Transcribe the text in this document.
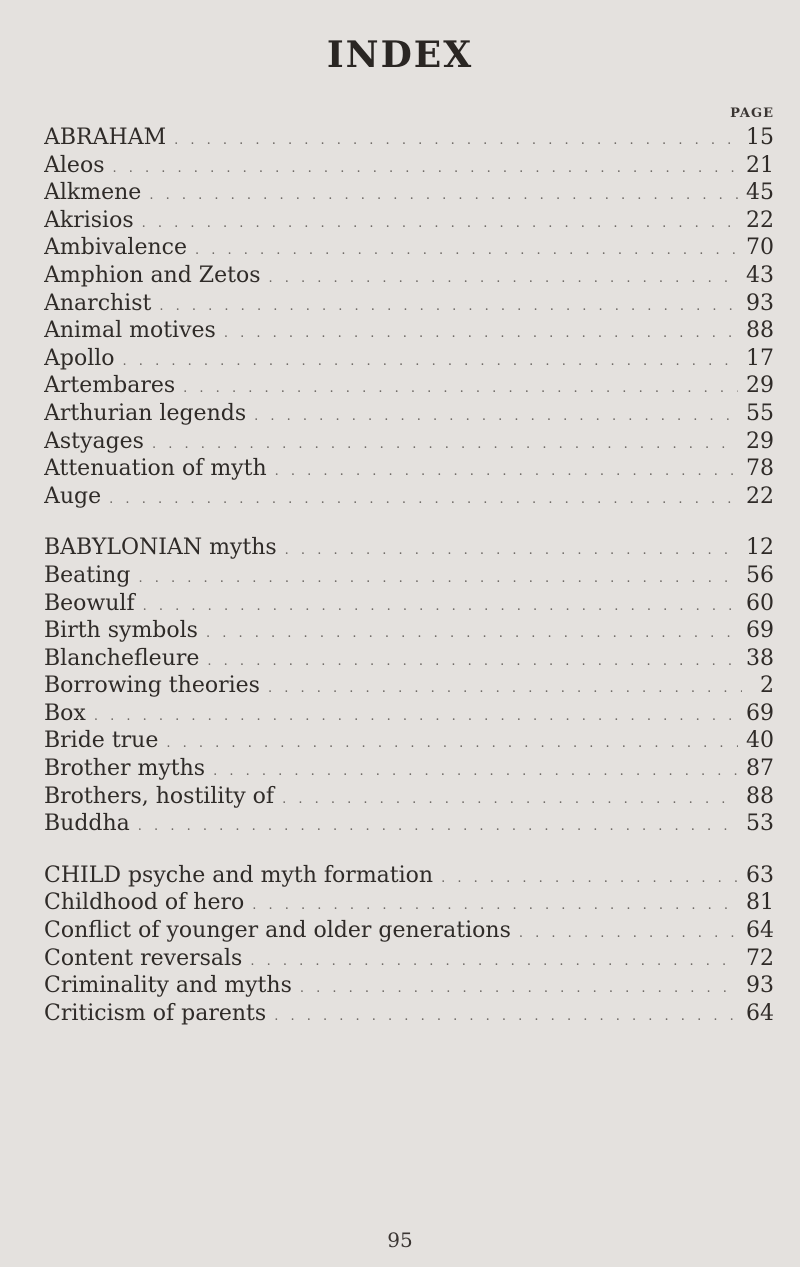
INDEX
PAGE
ABRAHAM . . .	15
Aleos . . .	21
Alkmene . . .	45
Akrisios . . .	22
Ambivalence . . .	70
Amphion and Zetos . . .	43
Anarchist . . .	93
Animal motives . . .	88
Apollo . . .	17
Artembares . . .	29
Arthurian legends . . .	55
Astyages . . .	29
Attenuation of myth . . .	78
Auge . . .	22
BABYLONIAN myths . . .	12
Beating . . .	56
Beowulf . . .	60
Birth symbols . . .	69
Blanchefleure . . .	38
Borrowing theories . . .	2
Box . . .	69
Bride true . . .	40
Brother myths . . .	87
Brothers, hostility of . . .	88
Buddha . . .	53
CHILD psyche and myth formation . . .	63
Childhood of hero . . .	81
Conflict of younger and older generations . . .	64
Content reversals . . .	72
Criminality and myths . . .	93
Criticism of parents . . .	64
95
